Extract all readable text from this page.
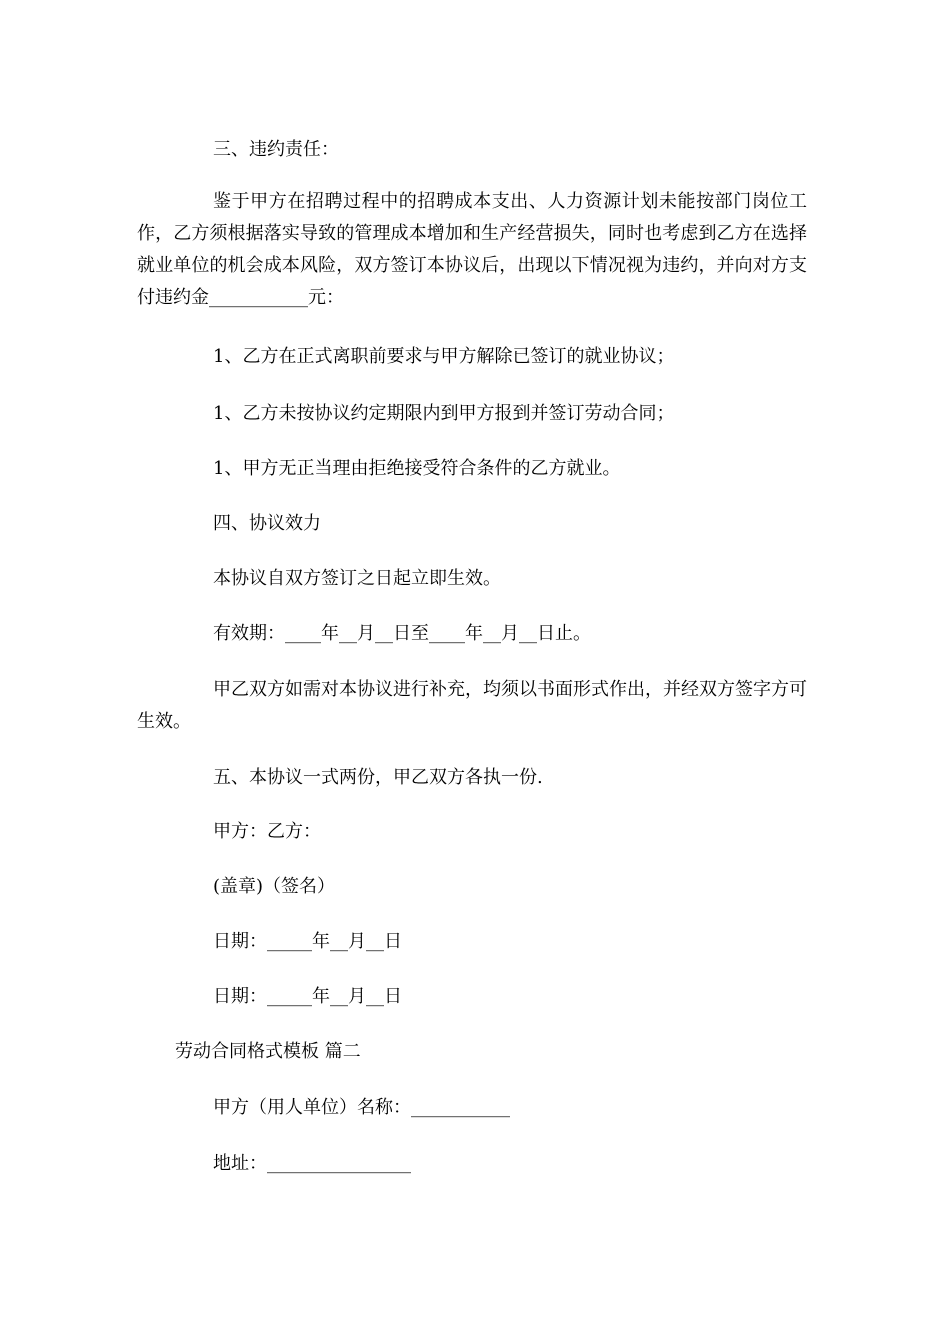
三、违约责任：
鉴于甲方在招聘过程中的招聘成本支出、人力资源计划未能按部门岗位工作，乙方须根据落实导致的管理成本增加和生产经营损失，同时也考虑到乙方在选择就业单位的机会成本风险，双方签订本协议后，出现以下情况视为违约，并向对方支付违约金___________元：
1、乙方在正式离职前要求与甲方解除已签订的就业协议；
1、乙方未按协议约定期限内到甲方报到并签订劳动合同；
1、甲方无正当理由拒绝接受符合条件的乙方就业。
四、协议效力
本协议自双方签订之日起立即生效。
有效期：____年__月__日至____年__月__日止。
甲乙双方如需对本协议进行补充，均须以书面形式作出，并经双方签字方可生效。
五、本协议一式两份，甲乙双方各执一份.
甲方：乙方：
(盖章)（签名）
日期：_____年__月__日
日期：_____年__月__日
劳动合同格式模板 篇二
甲方（用人单位）名称：___________
地址：________________
